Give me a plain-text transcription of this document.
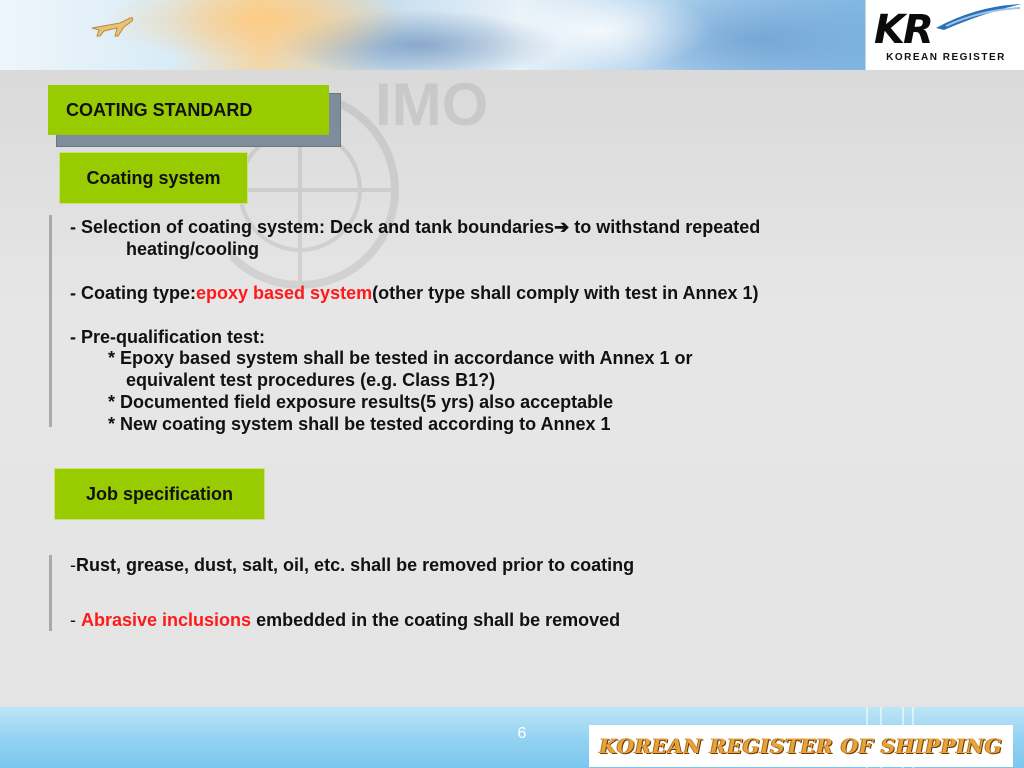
KR
KOREAN REGISTER
IMO
COATING STANDARD
Coating system
- Selection of coating system: Deck and tank boundaries➔ to withstand repeated
heating/cooling
- Coating type:epoxy based system(other type shall comply with test in Annex 1)
- Pre-qualification test:
* Epoxy based system shall be tested in accordance with Annex 1 or
equivalent test procedures (e.g. Class B1?)
* Documented field exposure results(5 yrs) also acceptable
* New coating system shall be tested according to Annex 1
Job specification
-Rust, grease, dust, salt, oil, etc. shall be removed prior to coating
- Abrasive inclusions embedded in the coating shall be removed
6
KOREAN REGISTER OF SHIPPING
